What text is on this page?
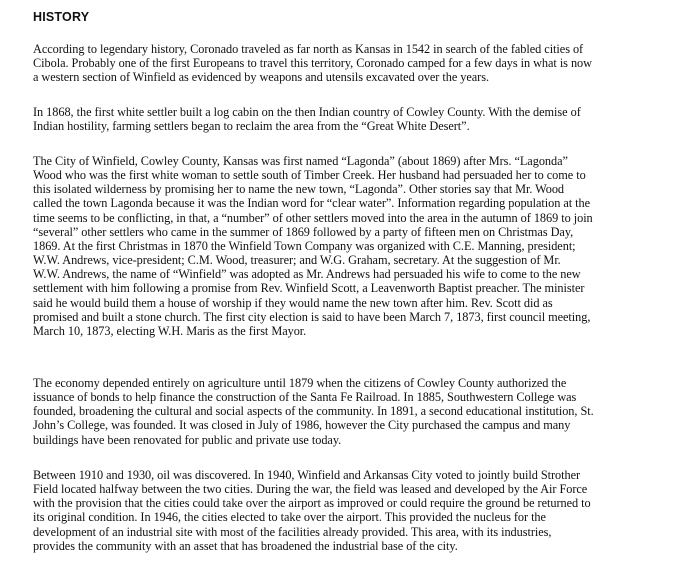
HISTORY
According to legendary history, Coronado traveled as far north as Kansas in 1542 in search of the fabled cities of
Cibola. Probably one of the first Europeans to travel this territory, Coronado camped for a few days in what is now
a western section of Winfield as evidenced by weapons and utensils excavated over the years.
In 1868, the first white settler built a log cabin on the then Indian country of Cowley County. With the demise of
Indian hostility, farming settlers began to reclaim the area from the “Great White Desert”.
The City of Winfield, Cowley County, Kansas was first named “Lagonda” (about 1869) after Mrs. “Lagonda”
Wood who was the first white woman to settle south of Timber Creek. Her husband had persuaded her to come to
this isolated wilderness by promising her to name the new town, “Lagonda”. Other stories say that Mr. Wood
called the town Lagonda because it was the Indian word for “clear water”. Information regarding population at the
time seems to be conflicting, in that, a “number” of other settlers moved into the area in the autumn of 1869 to join
“several” other settlers who came in the summer of 1869 followed by a party of fifteen men on Christmas Day,
1869. At the first Christmas in 1870 the Winfield Town Company was organized with C.E. Manning, president;
W.W. Andrews, vice-president; C.M. Wood, treasurer; and W.G. Graham, secretary. At the suggestion of Mr.
W.W. Andrews, the name of “Winfield” was adopted as Mr. Andrews had persuaded his wife to come to the new
settlement with him following a promise from Rev. Winfield Scott, a Leavenworth Baptist preacher. The minister
said he would build them a house of worship if they would name the new town after him. Rev. Scott did as
promised and built a stone church. The first city election is said to have been March 7, 1873, first council meeting,
March 10, 1873, electing W.H. Maris as the first Mayor.
The economy depended entirely on agriculture until 1879 when the citizens of Cowley County authorized the
issuance of bonds to help finance the construction of the Santa Fe Railroad. In 1885, Southwestern College was
founded, broadening the cultural and social aspects of the community. In 1891, a second educational institution, St.
John’s College, was founded. It was closed in July of 1986, however the City purchased the campus and many
buildings have been renovated for public and private use today.
Between 1910 and 1930, oil was discovered. In 1940, Winfield and Arkansas City voted to jointly build Strother
Field located halfway between the two cities. During the war, the field was leased and developed by the Air Force
with the provision that the cities could take over the airport as improved or could require the ground be returned to
its original condition. In 1946, the cities elected to take over the airport. This provided the nucleus for the
development of an industrial site with most of the facilities already provided. This area, with its industries,
provides the community with an asset that has broadened the industrial base of the city.
